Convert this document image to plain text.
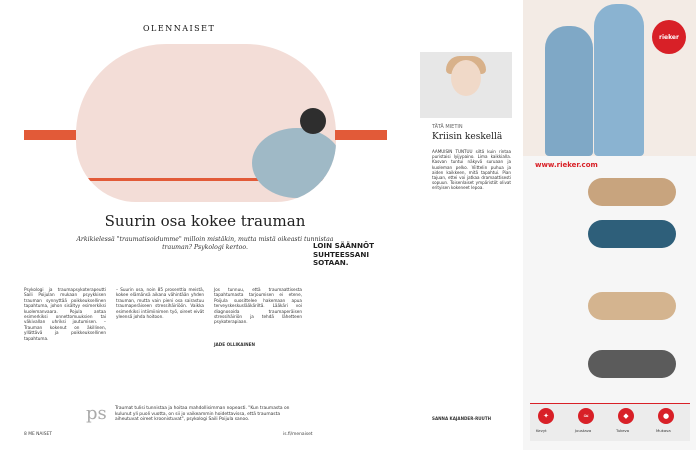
OLENNAISET
Suurin osa kokee trauman
Arkikielessä "traumatisoidumme" milloin mistäkin, mutta mistä oikeasti tunnistaa trauman? Psykologi kertoo.
Psykologi ja traumapsykoterapeutti Saili Poijulan mukaan psyykkisen trauman synnyttää poikkeuksellinen tapahtuma, johon sisältyy esimerkiksi kuolemanvaara. Pojula antaa esimerkiksi onnettomuuksien tai väkivallan uhriksi joutumisen. – Trauman kokenut on äkillinen, yllättävä ja poikkeuksellinen tapahtuma.
– Suurin osa, noin 85 prosenttia meistä, kokee elämänsä aikana vähintään yhden trauman, mutta vain pieni osa sairastuu traumaperäiseen stressihäiriöön. Vaikka esimerkiksi intiimiinimen työ, oireet eivät yleensä johda hoitoon.
Jos tunnuu, että traumaattisesta tapahtumasta tarjoumisen ei etene, Poijula suosittelee hakemaan apua terveyskeskuslääkäriltä. Lääkäri voi diagnosoida traumaperäisen stressihäiriön ja tehdä lähetteen psykoterapiaan.
JADE OLLIKAINEN
LOIN SÄÄNNÖT SUHTEESSANI SOTAAN.
ps Traumat tulisi tunnistaa ja hoitaa mahdollisimman nopeasti. "Kun traumasta on kulunut yli puoli vuotta, on sii jo vaikeammin hoidettavissa, että traumasta aiheutuvat oireet kroonistuvat", psykologi Saili Poijula sanoo.
8 ME NAISET	is.fi/menaiset
TÄTÄ MIETIN
Kriisin keskellä
AAMUISIN TUNTUU siltä kuin rintaa puristaisi lyijypaino. Lima kaikkialla. Kasvan tuntui näkyvä suruaan ja kuoleman pelko. Viittelin puhua ja aiden kaikkeen, mitä tapahtui. Pian tajuan, ettei voi jatkaa dramaattisesti sopuun. Toisenlaiset ympäristöt olivat erityisen kokeneet lepoa.
SANNA KAJANDER-RUUTH
rieker
www.rieker.com
✦	≈	◆	●
Kevyt	Joustava	Tukeva	Mukava
